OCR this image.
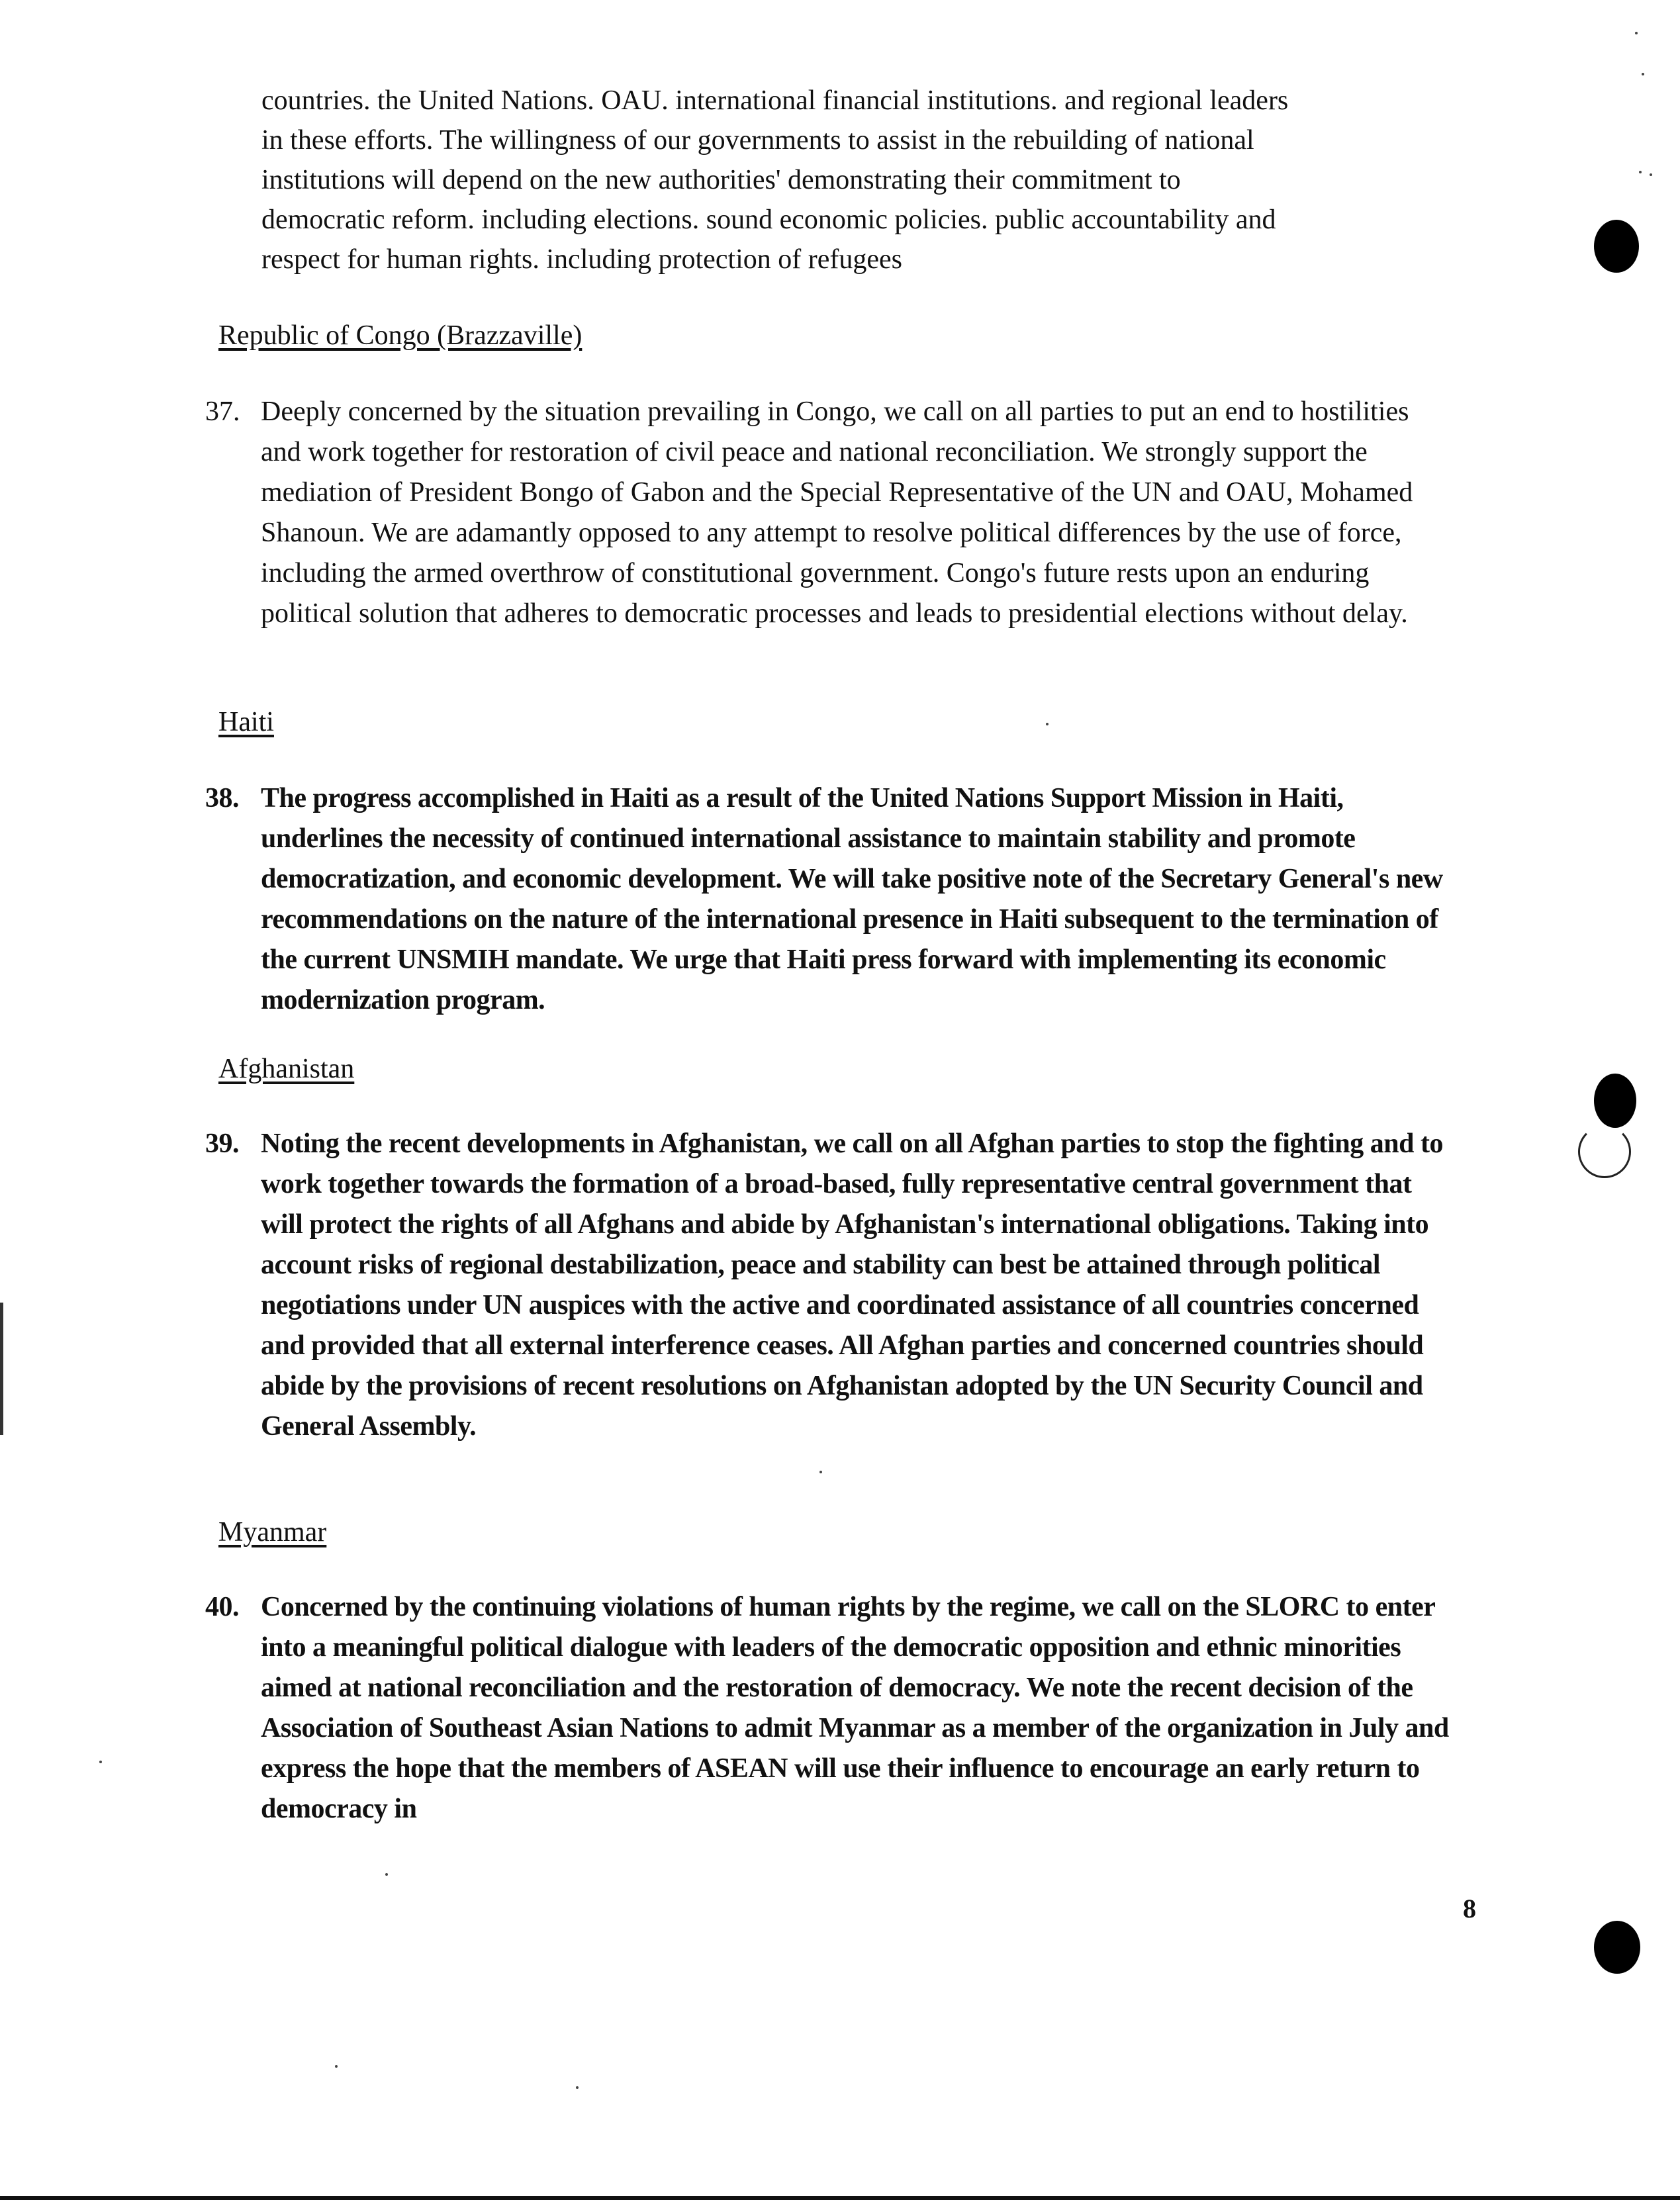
countries. the United Nations. OAU. international financial institutions. and regional leaders
in these efforts. The willingness of our governments to assist in the rebuilding of national
institutions will depend on the new authorities' demonstrating their commitment to
democratic reform. including elections. sound economic policies. public accountability and
respect for human rights. including protection of refugees
Republic of Congo (Brazzaville)
37. Deeply concerned by the situation prevailing in Congo, we call on all parties to put an end to hostilities and work together for restoration of civil peace and national reconciliation. We strongly support the mediation of President Bongo of Gabon and the Special Representative of the UN and OAU, Mohamed Shanoun. We are adamantly opposed to any attempt to resolve political differences by the use of force, including the armed overthrow of constitutional government. Congo's future rests upon an enduring political solution that adheres to democratic processes and leads to presidential elections without delay.
Haiti
38. The progress accomplished in Haiti as a result of the United Nations Support Mission in Haiti, underlines the necessity of continued international assistance to maintain stability and promote democratization, and economic development. We will take positive note of the Secretary General's new recommendations on the nature of the international presence in Haiti subsequent to the termination of the current UNSMIH mandate. We urge that Haiti press forward with implementing its economic modernization program.
Afghanistan
39. Noting the recent developments in Afghanistan, we call on all Afghan parties to stop the fighting and to work together towards the formation of a broad-based, fully representative central government that will protect the rights of all Afghans and abide by Afghanistan's international obligations. Taking into account risks of regional destabilization, peace and stability can best be attained through political negotiations under UN auspices with the active and coordinated assistance of all countries concerned and provided that all external interference ceases. All Afghan parties and concerned countries should abide by the provisions of recent resolutions on Afghanistan adopted by the UN Security Council and General Assembly.
Myanmar
40. Concerned by the continuing violations of human rights by the regime, we call on the SLORC to enter into a meaningful political dialogue with leaders of the democratic opposition and ethnic minorities aimed at national reconciliation and the restoration of democracy. We note the recent decision of the Association of Southeast Asian Nations to admit Myanmar as a member of the organization in July and express the hope that the members of ASEAN will use their influence to encourage an early return to democracy in
8
